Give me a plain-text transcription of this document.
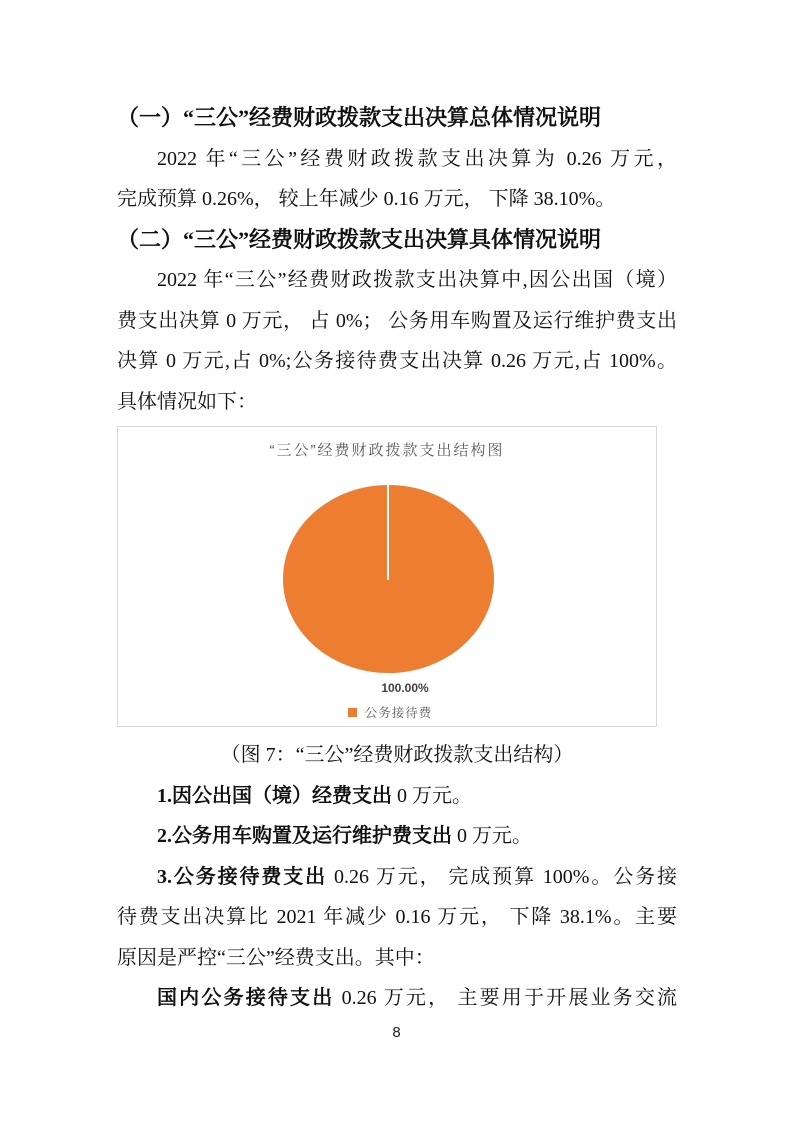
（一）“三公”经费财政拨款支出决算总体情况说明
2022 年“三公”经费财政拨款支出决算为 0.26 万元，
完成预算 0.26%， 较上年减少 0.16 万元， 下降 38.10%。
（二）“三公”经费财政拨款支出决算具体情况说明
2022 年“三公”经费财政拨款支出决算中,因公出国（境）
费支出决算 0 万元， 占 0%； 公务用车购置及运行维护费支出
决算 0 万元,占 0%;公务接待费支出决算 0.26 万元,占 100%。
具体情况如下：
“三公”经费财政拨款支出结构图
100.00%
公务接待费
（图 7：“三公”经费财政拨款支出结构）
1.因公出国（境）经费支出 0 万元。
2.公务用车购置及运行维护费支出 0 万元。
3.公务接待费支出 0.26 万元， 完成预算 100%。公务接
待费支出决算比 2021 年减少 0.16 万元， 下降 38.1%。主要
原因是严控“三公”经费支出。其中：
国内公务接待支出 0.26 万元， 主要用于开展业务交流
8
